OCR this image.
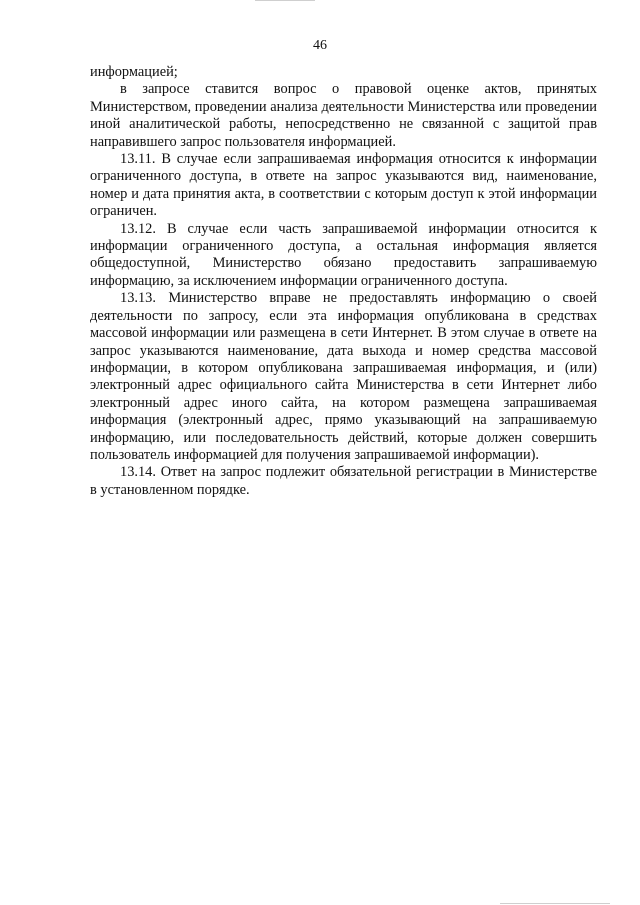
46

информацией;

в запросе ставится вопрос о правовой оценке актов, принятых Министерством, проведении анализа деятельности Министерства или проведении иной аналитической работы, непосредственно не связанной с защитой прав направившего запрос пользователя информацией.

13.11. В случае если запрашиваемая информация относится к информации ограниченного доступа, в ответе на запрос указываются вид, наименование, номер и дата принятия акта, в соответствии с которым доступ к этой информации ограничен.

13.12. В случае если часть запрашиваемой информации относится к информации ограниченного доступа, а остальная информация является общедоступной, Министерство обязано предоставить запрашиваемую информацию, за исключением информации ограниченного доступа.

13.13. Министерство вправе не предоставлять информацию о своей деятельности по запросу, если эта информация опубликована в средствах массовой информации или размещена в сети Интернет. В этом случае в ответе на запрос указываются наименование, дата выхода и номер средства массовой информации, в котором опубликована запрашиваемая информация, и (или) электронный адрес официального сайта Министерства в сети Интернет либо электронный адрес иного сайта, на котором размещена запрашиваемая информация (электронный адрес, прямо указывающий на запрашиваемую информацию, или последовательность действий, которые должен совершить пользователь информацией для получения запрашиваемой информации).

13.14. Ответ на запрос подлежит обязательной регистрации в Министерстве в установленном порядке.
